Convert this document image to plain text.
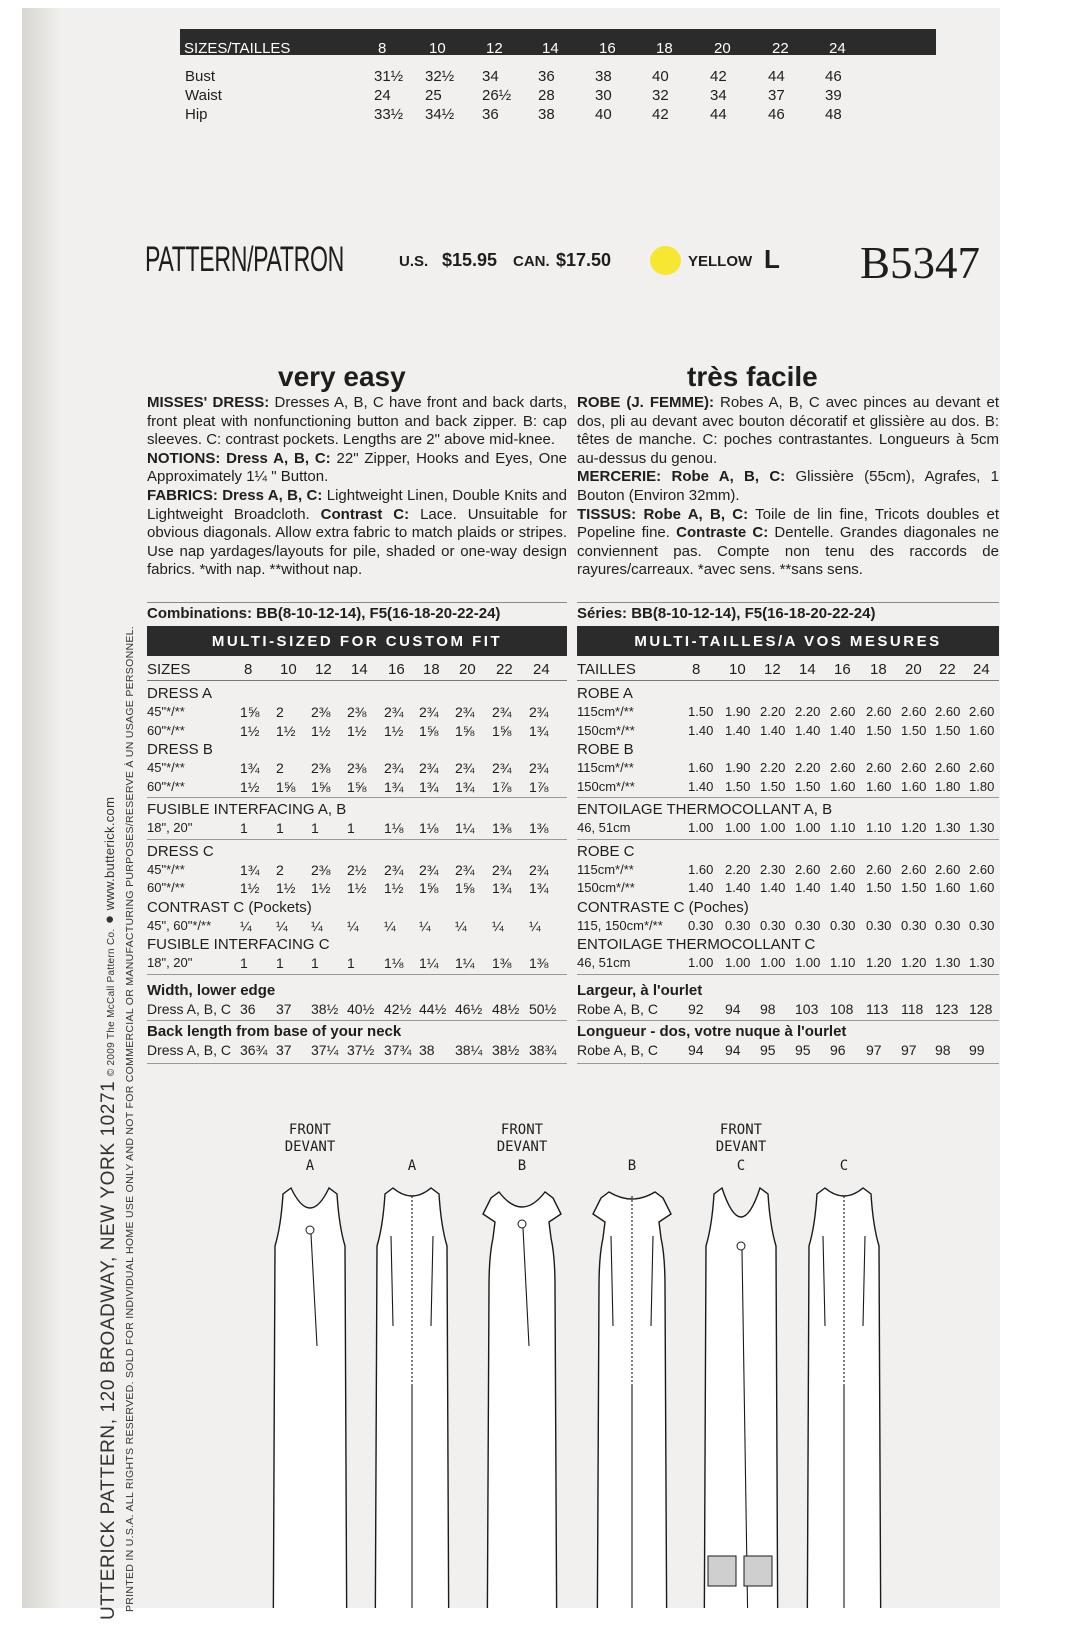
SIZES/TAILLES	8	10	12	14	16	18	20	22	24
Bust	31½ 32½ 34	36	38	40	42	44	46
Waist	24 25	26½ 28	30	32	34	37	39
Hip	33½ 34½ 36	38	40	42	44	46	48
PATTERN/PATRON	U.S. $15.95 CAN. $17.50	YELLOW L B5347
very easy	très facile
MISSES' DRESS: Dresses A, B, C have front and back darts, front pleat with nonfunctioning button and back zipper. B: cap sleeves. C: contrast pockets. Lengths are 2" above mid-knee.
NOTIONS: Dress A, B, C: 22" Zipper, Hooks and Eyes, One Approximately 1¼ " Button.
FABRICS: Dress A, B, C: Lightweight Linen, Double Knits and Lightweight Broadcloth. Contrast C: Lace. Unsuitable for obvious diagonals. Allow extra fabric to match plaids or stripes. Use nap yardages/layouts for pile, shaded or one-way design fabrics. *with nap. **without nap.
ROBE (J. FEMME): Robes A, B, C avec pinces au devant et dos, pli au devant avec bouton décoratif et glissière au dos. B: têtes de manche. C: poches contrastantes. Longueurs à 5cm au-dessus du genou.
MERCERIE: Robe A, B, C: Glissière (55cm), Agrafes, 1 Bouton (Environ 32mm).
TISSUS: Robe A, B, C: Toile de lin fine, Tricots doubles et Popeline fine. Contraste C: Dentelle. Grandes diagonales ne conviennent pas. Compte non tenu des raccords de rayures/carreaux. *avec sens. **sans sens.
Combinations: BB(8-10-12-14), F5(16-18-20-22-24)	Séries: BB(8-10-12-14), F5(16-18-20-22-24)
MULTI-SIZED FOR CUSTOM FIT
SIZES	8 10 12 14 16 18 20 22 24
DRESS A
45"*/**	1⅝ 2 2⅜ 2⅜ 2¾ 2¾ 2¾ 2¾ 2¾
60"*/**	1½ 1½ 1½ 1½ 1½ 1⅝ 1⅝ 1⅝ 1¾
DRESS B
45"*/**	1¾ 2 2⅜ 2⅜ 2¾ 2¾ 2¾ 2¾ 2¾
60"*/**	1½ 1⅝ 1⅝ 1⅝ 1¾ 1¾ 1¾ 1⅞ 1⅞
FUSIBLE INTERFACING A, B
18", 20"	1 1 1 1 1⅛ 1⅛ 1¼ 1⅜ 1⅜
DRESS C
45"*/**	1¾ 2 2⅜ 2½ 2¾ 2¾ 2¾ 2¾ 2¾
60"*/**	1½ 1½ 1½ 1½ 1½ 1⅝ 1⅝ 1¾ 1¾
CONTRAST C (Pockets)
45", 60"*/** ¼ ¼ ¼ ¼ ¼ ¼ ¼ ¼ ¼
FUSIBLE INTERFACING C
18", 20"	1 1 1 1 1⅛ 1¼ 1¼ 1⅜ 1⅜
Width, lower edge
Dress A, B, C 36 37 38½ 40½ 42½ 44½ 46½ 48½ 50½
Back length from base of your neck
Dress A, B, C 36¾ 37 37¼ 37½ 37¾ 38 38¼ 38½ 38¾
MULTI-TAILLES/A VOS MESURES
TAILLES	8 10 12 14 16 18 20 22 24
ROBE A
115cm*/**	1.50 1.90 2.20 2.20 2.60 2.60 2.60 2.60 2.60
150cm*/**	1.40 1.40 1.40 1.40 1.40 1.50 1.50 1.50 1.60
ROBE B
115cm*/**	1.60 1.90 2.20 2.20 2.60 2.60 2.60 2.60 2.60
150cm*/**	1.40 1.50 1.50 1.50 1.60 1.60 1.60 1.80 1.80
ENTOILAGE THERMOCOLLANT A, B
46, 51cm	1.00 1.00 1.00 1.00 1.10 1.10 1.20 1.30 1.30
ROBE C
115cm*/**	1.60 2.20 2.30 2.60 2.60 2.60 2.60 2.60 2.60
150cm*/**	1.40 1.40 1.40 1.40 1.40 1.50 1.50 1.60 1.60
CONTRASTE C (Poches)
115, 150cm*/** 0.30 0.30 0.30 0.30 0.30 0.30 0.30 0.30 0.30
ENTOILAGE THERMOCOLLANT C
46, 51cm	1.00 1.00 1.00 1.00 1.10 1.20 1.20 1.30 1.30
Largeur, à l'ourlet
Robe A, B, C 92 94 98 103 108 113 118 123 128
Longueur - dos, votre nuque à l'ourlet
Robe A, B, C 94 94 95 95 96 97 97 98 99
FRONT
DEVANT
A	A
FRONT
DEVANT
B	B
FRONT
DEVANT
C	C
UTTERICK PATTERN, 120 BROADWAY, NEW YORK 10271 © 2009 The McCall Pattern Co. ● www.butterick.com PRINTED IN U.S.A. ALL RIGHTS RESERVED. SOLD FOR INDIVIDUAL HOME USE ONLY AND NOT FOR COMMERCIAL OR MANUFACTURING PURPOSES/RESERVE À UN USAGE PERSONNEL.
